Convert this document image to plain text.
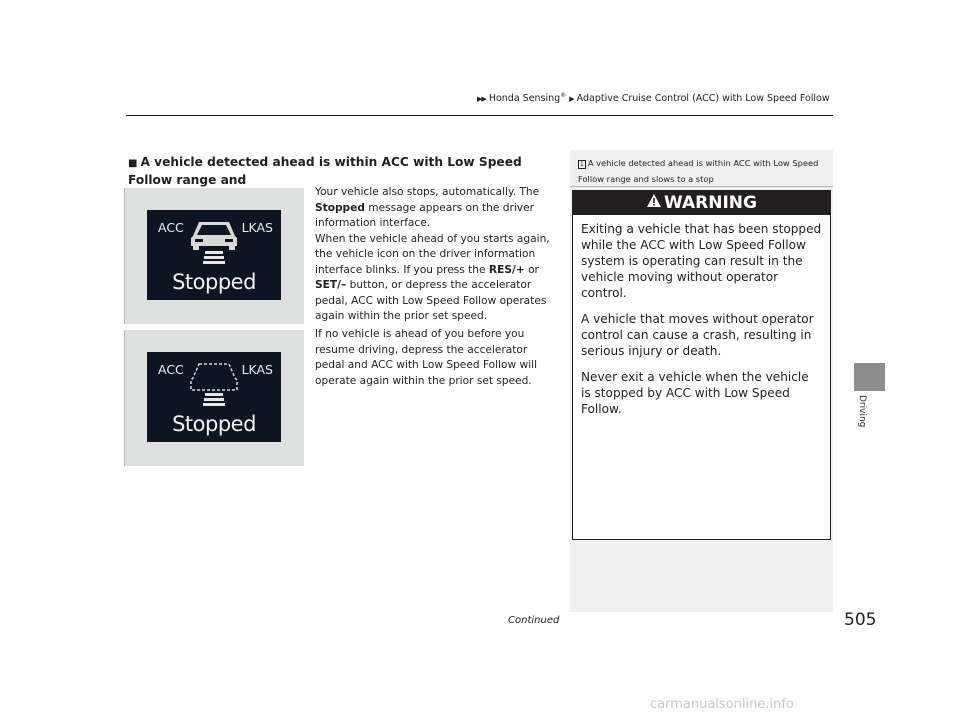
▶▶ Honda Sensing® ▶ Adaptive Cruise Control (ACC) with Low Speed Follow
Driving
■ A vehicle detected ahead is within ACC with Low Speed Follow range and
ACC	LKAS
Stopped
ACC	LKAS
Stopped
Your vehicle also stops, automatically. The
Stopped message appears on the driver information interface.
When the vehicle ahead of you starts again, the vehicle icon on the driver information interface blinks. If you press the RES/+ or SET/– button, or depress the accelerator pedal, ACC with Low Speed Follow operates again within the prior set speed.
If no vehicle is ahead of you before you resume driving, depress the accelerator pedal and ACC with Low Speed Follow will operate again within the prior set speed.
1 A vehicle detected ahead is within ACC with Low Speed Follow range and slows to a stop
WARNING

Exiting a vehicle that has been stopped while the ACC with Low Speed Follow system is operating can result in the vehicle moving without operator control.

A vehicle that moves without operator control can cause a crash, resulting in serious injury or death.

Never exit a vehicle when the vehicle is stopped by ACC with Low Speed Follow.

Continued	505
carmanualsonline.info
